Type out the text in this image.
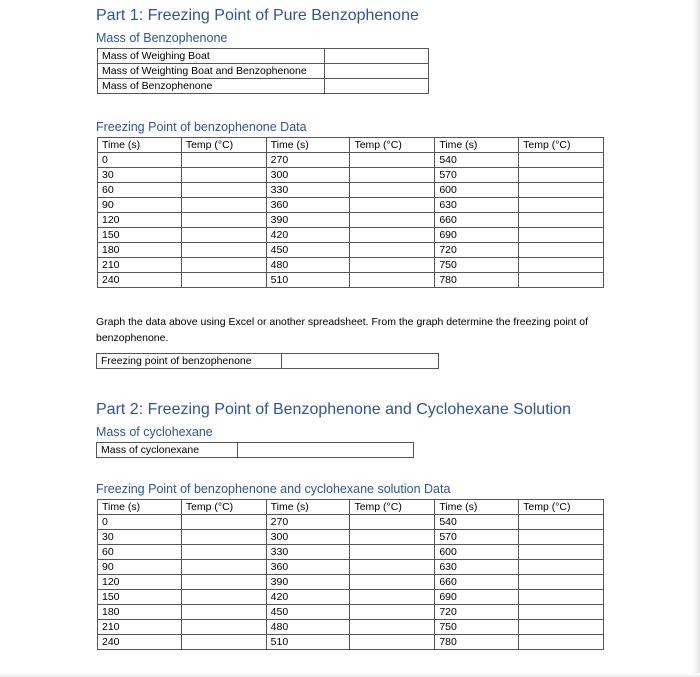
Part 1: Freezing Point of Pure Benzophenone
Mass of Benzophenone
Mass of Weighing Boat	
Mass of Weighting Boat and Benzophenone	
Mass of Benzophenone	
Freezing Point of benzophenone Data
Time (s)	Temp (°C)	Time (s)	Temp (°C)	Time (s)	Temp (°C)
0		270		540	
30		300		570	
60		330		600	
90		360		630	
120		390		660	
150		420		690	
180		450		720	
210		480		750	
240		510		780	
Graph the data above using Excel or another spreadsheet. From the graph determine the freezing point of benzophenone.
Freezing point of benzophenone	
Part 2: Freezing Point of Benzophenone and Cyclohexane Solution
Mass of cyclohexane
Mass of cyclonexane	
Freezing Point of benzophenone and cyclohexane solution Data
Time (s)	Temp (°C)	Time (s)	Temp (°C)	Time (s)	Temp (°C)
0		270		540	
30		300		570	
60		330		600	
90		360		630	
120		390		660	
150		420		690	
180		450		720	
210		480		750	
240		510		780	
